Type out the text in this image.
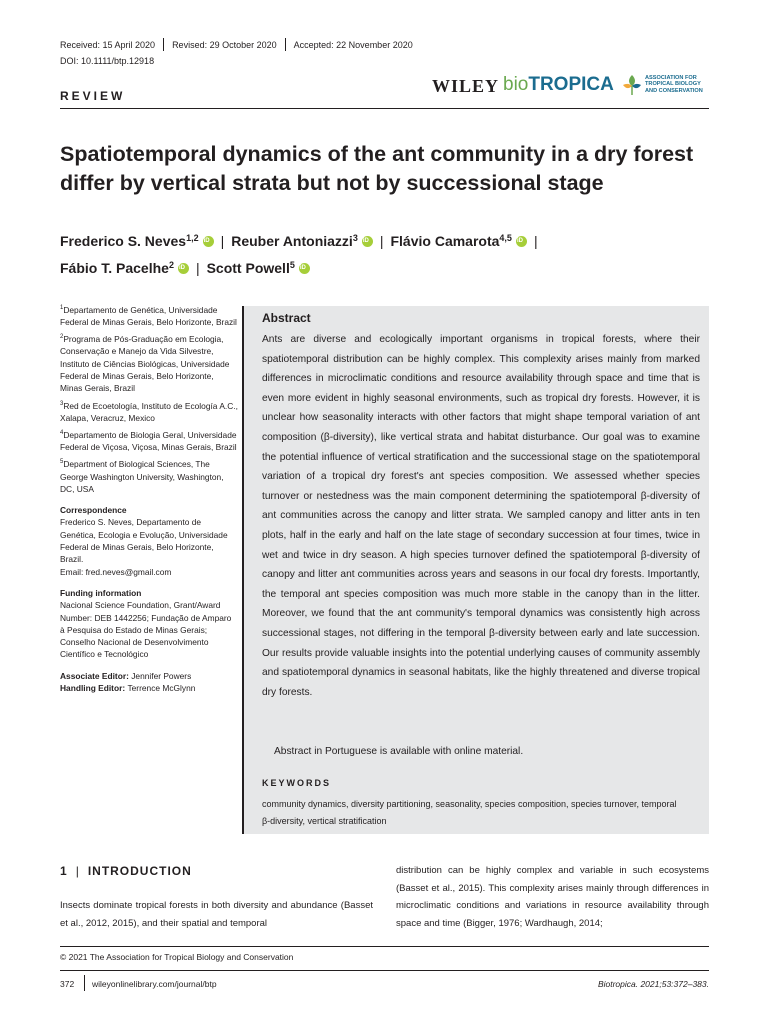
Received: 15 April 2020 Revised: 29 October 2020 Accepted: 22 November 2020
DOI: 10.1111/btp.12918
WILEY bioTROPICA	ASSOCIATION FOR
TROPICAL BIOLOGY
AND CONSERVATION
REVIEW
Spatiotemporal dynamics of the ant community in a dry forest differ by vertical strata but not by successional stage
Frederico S. Neves$^{1,2}$ iD | Reuber Antoniazzi$^3$ iD | Flávio Camarota$^{4,5}$ iD |
Fábio T. Pacelhe$^2$ iD | Scott Powell$^5$iD
$^1$Departamento de Genética, Universidade Federal de Minas Gerais, Belo Horizonte, Brazil
$^2$Programa de Pós-Graduação em Ecologia, Conservação e Manejo da Vida Silvestre, Instituto de Ciências Biológicas, Universidade Federal de Minas Gerais, Belo Horizonte, Minas Gerais, Brazil
$^3$Red de Ecoetología, Instituto de Ecología A.C., Xalapa, Veracruz, Mexico
$^4$Departamento de Biologia Geral, Universidade Federal de Viçosa, Viçosa, Minas Gerais, Brazil
$^5$Department of Biological Sciences, The George Washington University, Washington, DC, USA
Correspondence
Frederico S. Neves, Departamento de Genética, Ecologia e Evolução, Universidade Federal de Minas Gerais, Belo Horizonte, Brazil.
Email: fred.neves@gmail.com
Funding information
Nacional Science Foundation, Grant/Award Number: DEB 1442256; Fundação de Amparo à Pesquisa do Estado de Minas Gerais; Conselho Nacional de Desenvolvimento Científico e Tecnológico
Associate Editor: Jennifer Powers
Handling Editor: Terrence McGlynn
Abstract

Ants are diverse and ecologically important organisms in tropical forests, where their spatiotemporal distribution can be highly complex. This complexity arises mainly from marked differences in microclimatic conditions and resource availability through space and time that is even more evident in highly seasonal environments, such as tropical dry forests. However, it is unclear how seasonality interacts with other factors that might shape temporal variation of ant composition (β-diversity), like vertical strata and habitat disturbance. Our goal was to examine the potential influence of vertical stratification and the successional stage on the spatiotemporal variation of a tropical dry forest's ant species composition. We assessed whether species turnover or nestedness was the main component determining the spatiotemporal β-diversity of ant communities across the canopy and litter strata. We sampled canopy and litter ants in ten plots, half in the early and half on the late stage of secondary succession at four times, twice in wet and twice in dry season. A high species turnover defined the spatiotemporal β-diversity of canopy and litter ant communities across years and seasons in our focal dry forests. Importantly, the temporal ant species composition was much more stable in the canopy than in the litter. Moreover, we found that the ant community's temporal dynamics was consistently high across successional stages, not differing in the temporal β-diversity between early and late succession. Our results provide valuable insights into the potential underlying causes of community assembly and spatiotemporal dynamics in seasonal habitats, like the highly threatened and diverse tropical dry forests.

Abstract in Portuguese is available with online material.

KEYWORDS

community dynamics, diversity partitioning, seasonality, species composition, species turnover, temporal β-diversity, vertical stratification

1 | INTRODUCTION

Insects dominate tropical forests in both diversity and abundance (Basset et al., 2012, 2015), and their spatial and temporal

distribution can be highly complex and variable in such ecosystems (Basset et al., 2015). This complexity arises mainly through differences in microclimatic conditions and variations in resource availability through space and time (Bigger, 1976; Wardhaugh, 2014;

© 2021 The Association for Tropical Biology and Conservation
372 wileyonlinelibrary.com/journal/btp	Biotropica. 2021;53:372–383.
